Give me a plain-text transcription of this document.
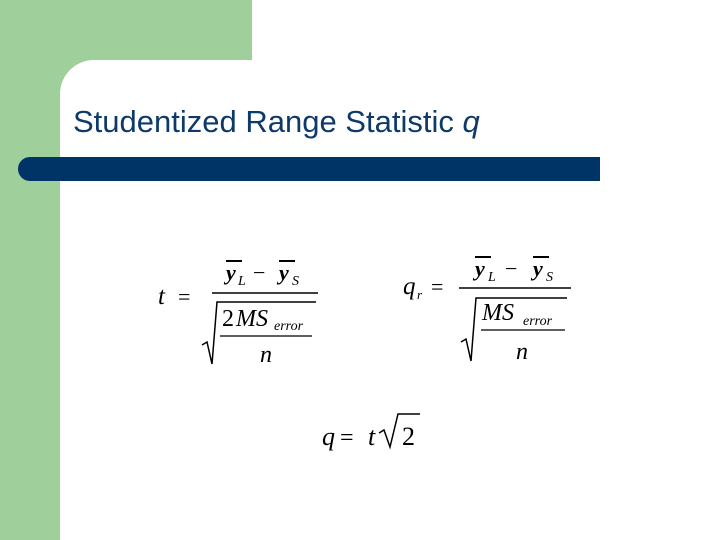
Studentized Range Statistic q
t =
y L − y S
2 MS error
n
q r =
y L − y S
MS error
n
q = t 2
